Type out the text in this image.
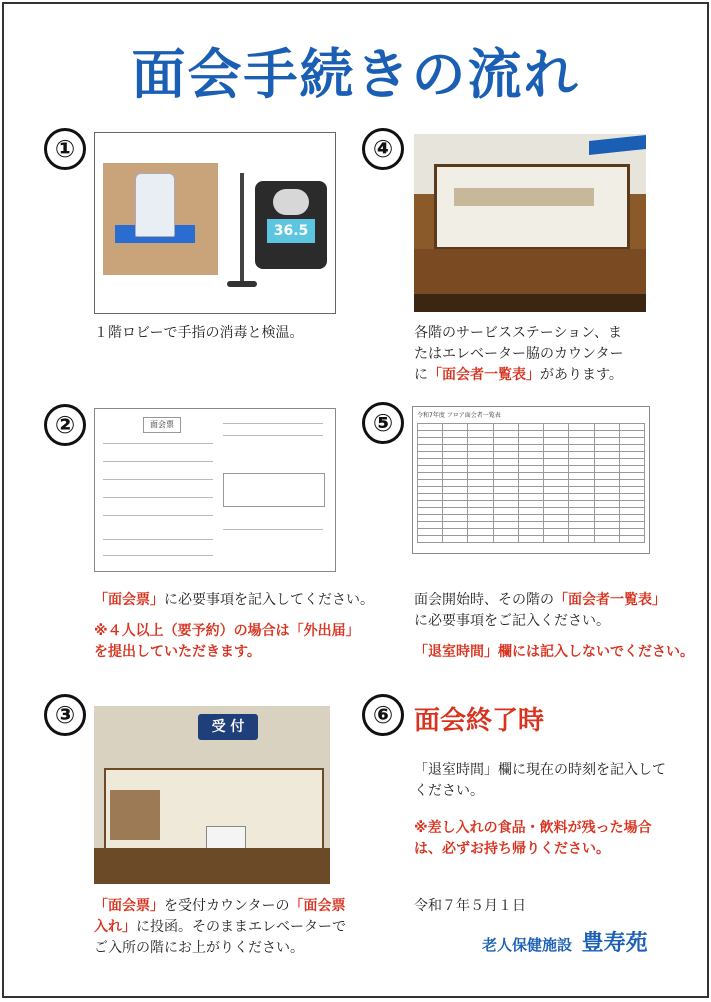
面会手続きの流れ
①
36.5
１階ロビーで手指の消毒と検温。
④
各階のサービスステーション、ま
たはエレベーター脇のカウンター
に「面会者一覧表」があります。
②	面会票
「面会票」に必要事項を記入してください。
※４人以上（要予約）の場合は「外出届」
を提出していただきます。
⑤	令和7年度 フロア面会者一覧表

面会開始時、その階の「面会者一覧表」
に必要事項をご記入ください。
「退室時間」欄には記入しないでください。
③	受 付
「面会票」を受付カウンターの「面会票
入れ」に投函。そのままエレベーターで
ご入所の階にお上がりください。
⑥ 面会終了時
「退室時間」欄に現在の時刻を記入して
ください。
※差し入れの食品・飲料が残った場合
は、必ずお持ち帰りください。
令和７年５月１日
老人保健施設 豊寿苑
